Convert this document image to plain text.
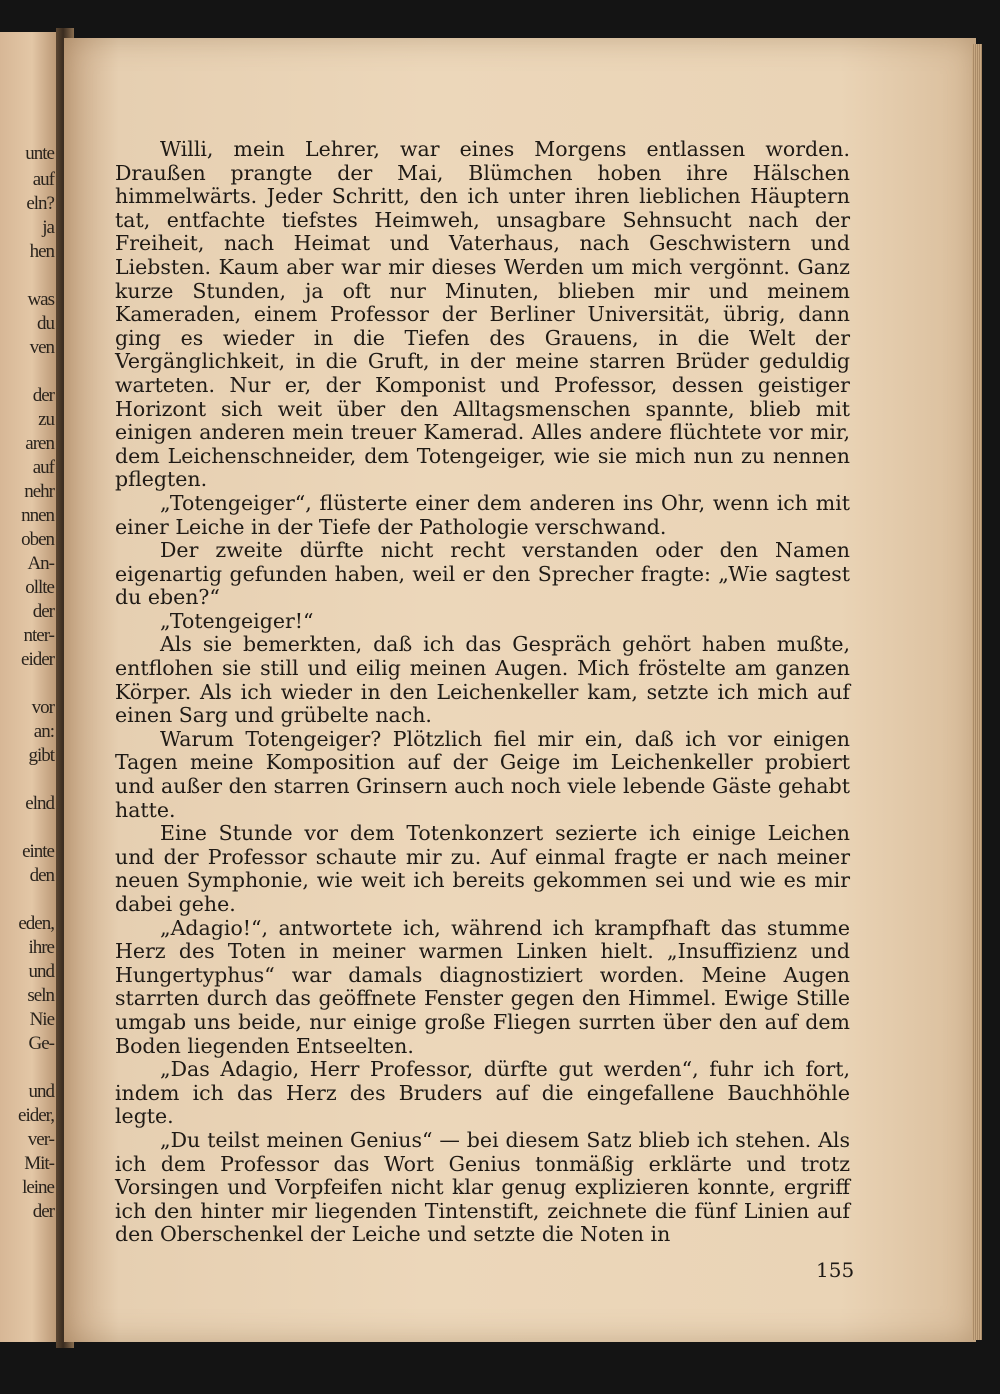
unte
auf
eln?
ja
hen
was
du
ven
der
zu
aren
auf
nehr
nnen
oben
An-
ollte
der
nter-
eider
vor
an:
gibt
elnd
einte
den
eden,
ihre
und
seln
Nie
Ge-
und
eider,
ver-
Mit-
leine
der

Willi, mein Lehrer, war eines Morgens entlassen worden. Draußen prangte der Mai, Blümchen hoben ihre Hälschen himmelwärts. Jeder Schritt, den ich unter ihren lieblichen Häuptern tat, entfachte tiefstes Heimweh, unsagbare Sehnsucht nach der Freiheit, nach Heimat und Vaterhaus, nach Geschwistern und Liebsten. Kaum aber war mir dieses Werden um mich vergönnt. Ganz kurze Stunden, ja oft nur Minuten, blieben mir und meinem Kameraden, einem Professor der Berliner Universität, übrig, dann ging es wieder in die Tiefen des Grauens, in die Welt der Vergänglichkeit, in die Gruft, in der meine starren Brüder geduldig warteten. Nur er, der Komponist und Professor, dessen geistiger Horizont sich weit über den Alltagsmenschen spannte, blieb mit einigen anderen mein treuer Kamerad. Alles andere flüchtete vor mir, dem Leichenschneider, dem Totengeiger, wie sie mich nun zu nennen pflegten.

„Totengeiger“, flüsterte einer dem anderen ins Ohr, wenn ich mit einer Leiche in der Tiefe der Pathologie verschwand.

Der zweite dürfte nicht recht verstanden oder den Namen eigenartig gefunden haben, weil er den Sprecher fragte: „Wie sagtest du eben?“

„Totengeiger!“

Als sie bemerkten, daß ich das Gespräch gehört haben mußte, entflohen sie still und eilig meinen Augen. Mich fröstelte am ganzen Körper. Als ich wieder in den Leichenkeller kam, setzte ich mich auf einen Sarg und grübelte nach.

Warum Totengeiger? Plötzlich fiel mir ein, daß ich vor einigen Tagen meine Komposition auf der Geige im Leichenkeller probiert und außer den starren Grinsern auch noch viele lebende Gäste gehabt hatte.

Eine Stunde vor dem Totenkonzert sezierte ich einige Leichen und der Professor schaute mir zu. Auf einmal fragte er nach meiner neuen Symphonie, wie weit ich bereits gekommen sei und wie es mir dabei gehe.

„Adagio!“, antwortete ich, während ich krampfhaft das stumme Herz des Toten in meiner warmen Linken hielt. „Insuffizienz und Hungertyphus“ war damals diagnostiziert worden. Meine Augen starrten durch das geöffnete Fenster gegen den Himmel. Ewige Stille umgab uns beide, nur einige große Fliegen surrten über den auf dem Boden liegenden Entseelten.

„Das Adagio, Herr Professor, dürfte gut werden“, fuhr ich fort, indem ich das Herz des Bruders auf die eingefallene Bauchhöhle legte.

„Du teilst meinen Genius“ — bei diesem Satz blieb ich stehen. Als ich dem Professor das Wort Genius tonmäßig erklärte und trotz Vorsingen und Vorpfeifen nicht klar genug explizieren konnte, ergriff ich den hinter mir liegenden Tintenstift, zeichnete die fünf Linien auf den Oberschenkel der Leiche und setzte die Noten in

155
